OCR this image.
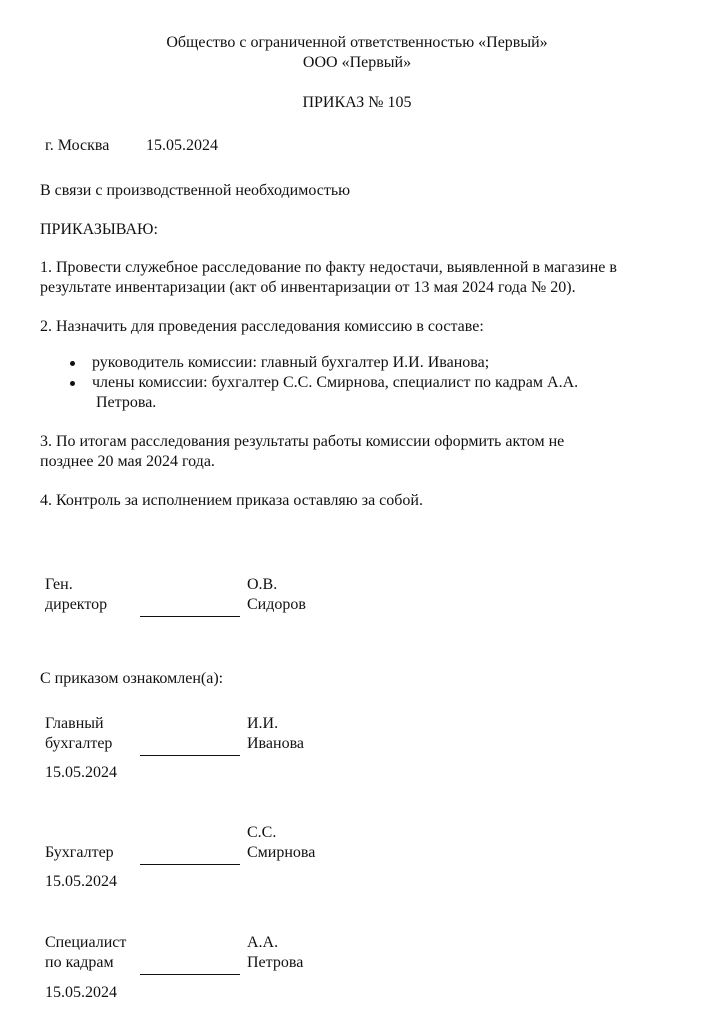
Общество с ограниченной ответственностью «Первый»
ООО «Первый»
ПРИКАЗ № 105
г. Москва 15.05.2024
В связи с производственной необходимостью
ПРИКАЗЫВАЮ:
1. Провести служебное расследование по факту недостачи, выявленной в магазине в
результате инвентаризации (акт об инвентаризации от 13 мая 2024 года № 20).
2. Назначить для проведения расследования комиссию в составе:
руководитель комиссии: главный бухгалтер И.И. Иванова;
члены комиссии: бухгалтер С.С. Смирнова, специалист по кадрам А.А.
Петрова.
3. По итогам расследования результаты работы комиссии оформить актом не
позднее 20 мая 2024 года.
4. Контроль за исполнением приказа оставляю за собой.
Ген.
директор
О.В.
Сидоров
С приказом ознакомлен(а):
Главный
бухгалтер
И.И.
Иванова
15.05.2024
Бухгалтер
С.С.
Смирнова
15.05.2024
Специалист
по кадрам
А.А.
Петрова
15.05.2024
